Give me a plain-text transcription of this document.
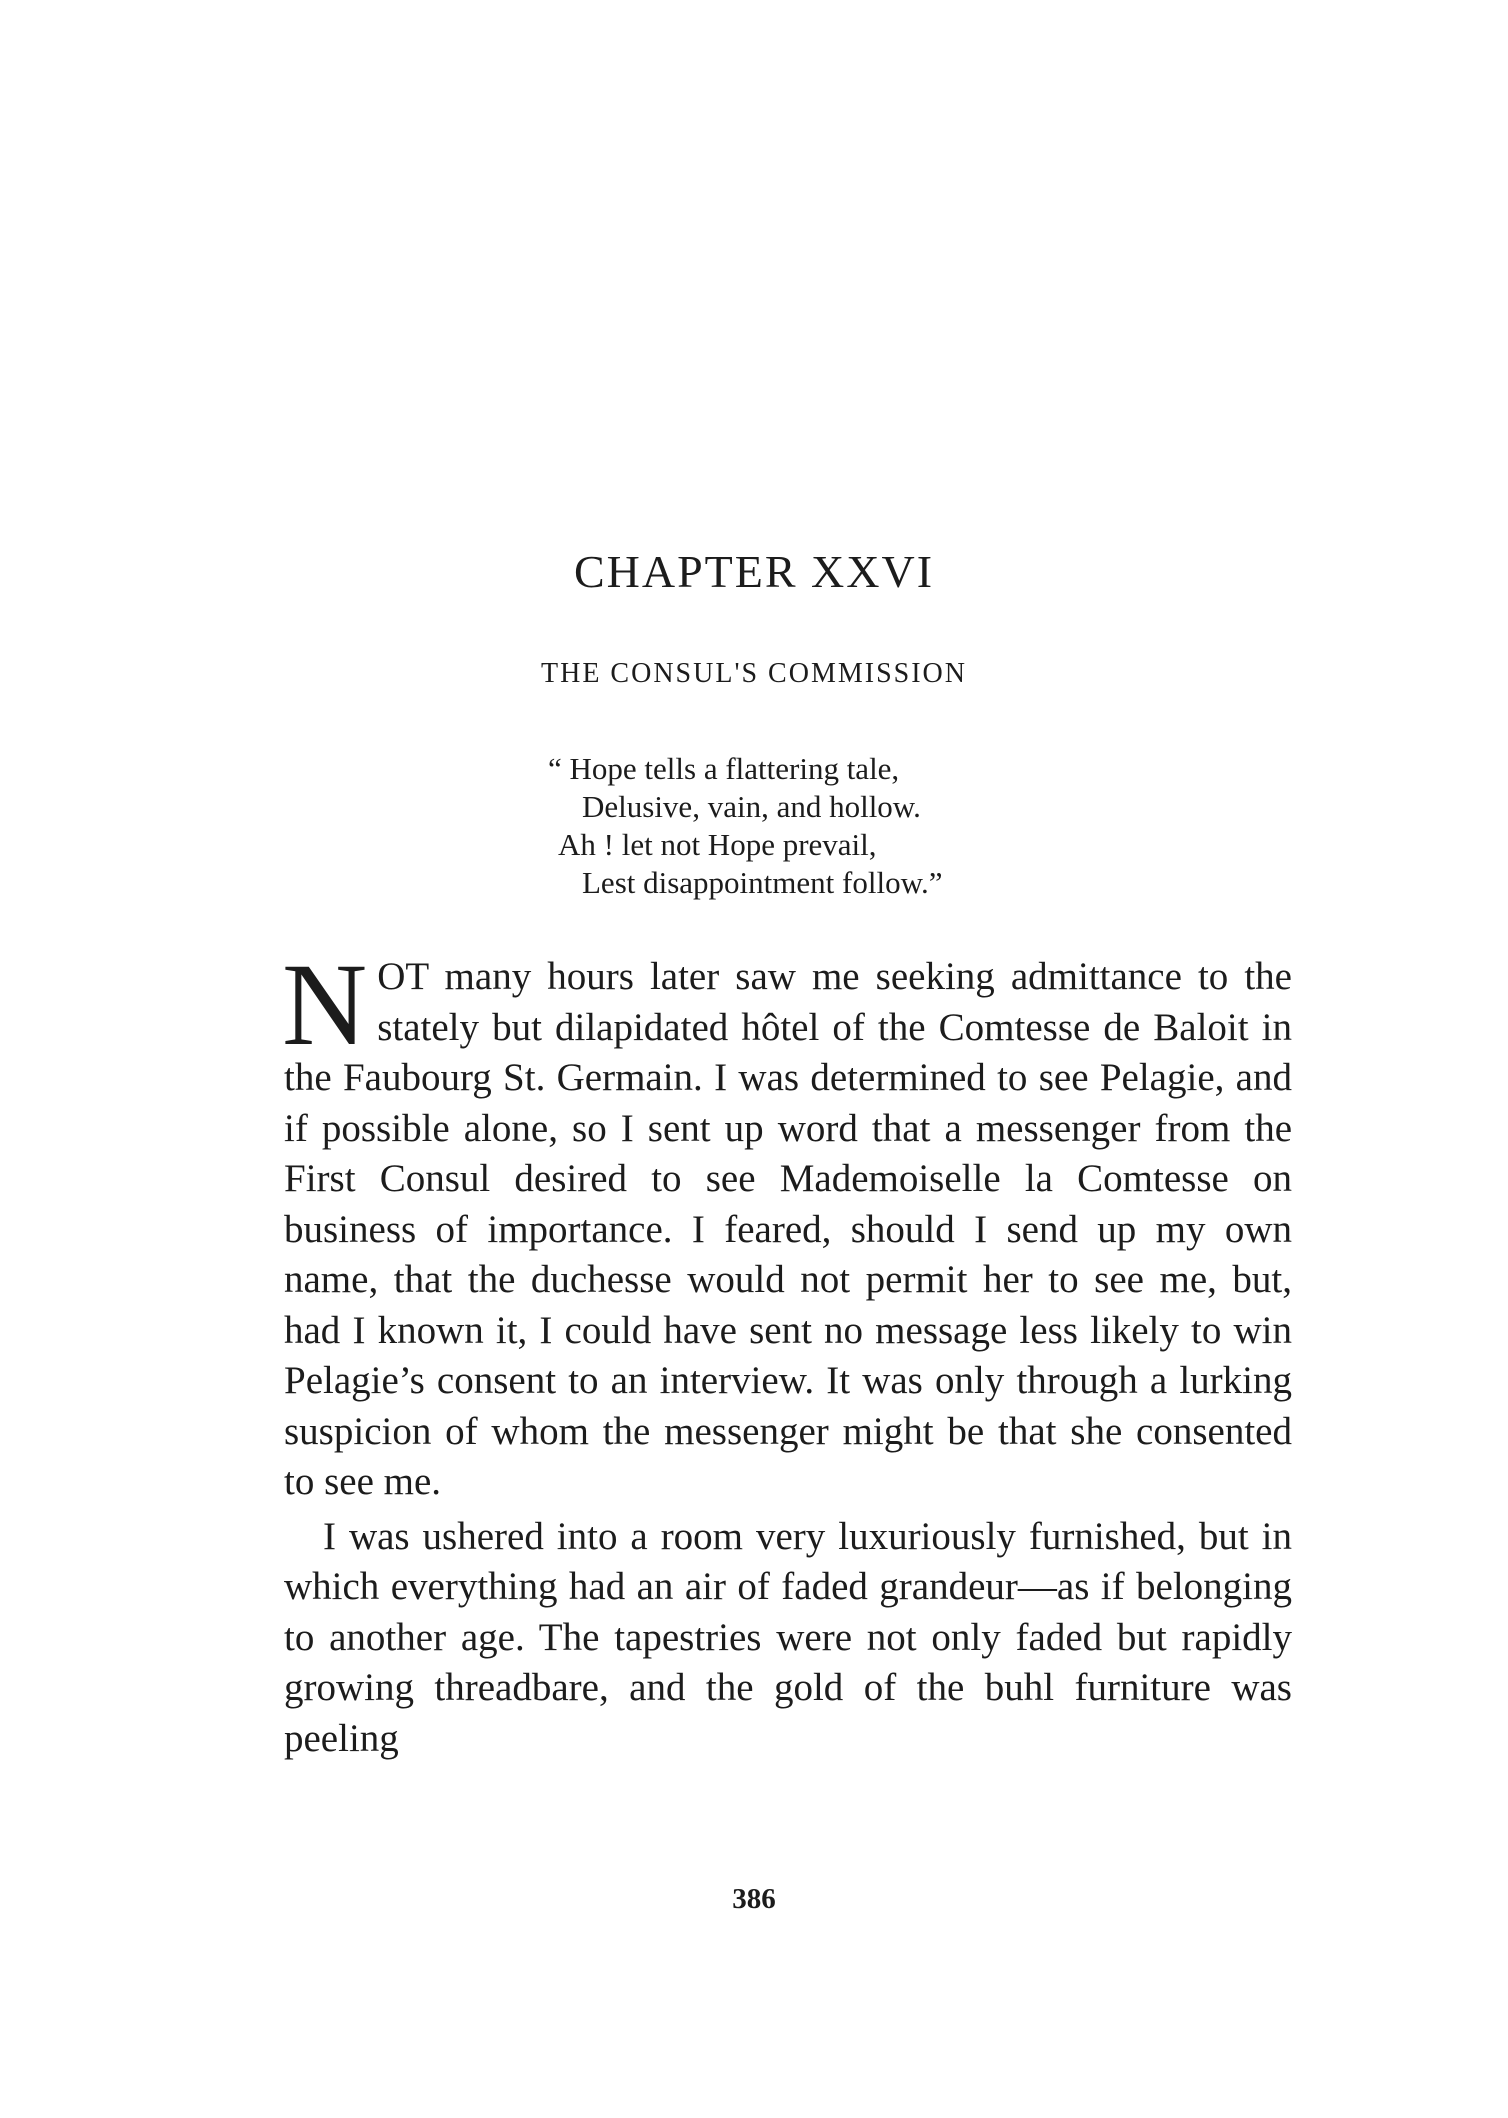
CHAPTER XXVI
THE CONSUL'S COMMISSION
“ Hope tells a flattering tale,
Delusive, vain, and hollow.
Ah ! let not Hope prevail,
Lest disappointment follow.”

NOT many hours later saw me seeking admittance to the stately but dilapidated hôtel of the Comtesse de Baloit in the Faubourg St. Germain. I was determined to see Pelagie, and if possible alone, so I sent up word that a messenger from the First Consul desired to see Mademoiselle la Comtesse on business of importance. I feared, should I send up my own name, that the duchesse would not permit her to see me, but, had I known it, I could have sent no message less likely to win Pelagie’s consent to an interview. It was only through a lurking suspicion of whom the messenger might be that she consented to see me.

I was ushered into a room very luxuriously furnished, but in which everything had an air of faded grandeur—as if belonging to another age. The tapestries were not only faded but rapidly growing threadbare, and the gold of the buhl furniture was peeling

386
